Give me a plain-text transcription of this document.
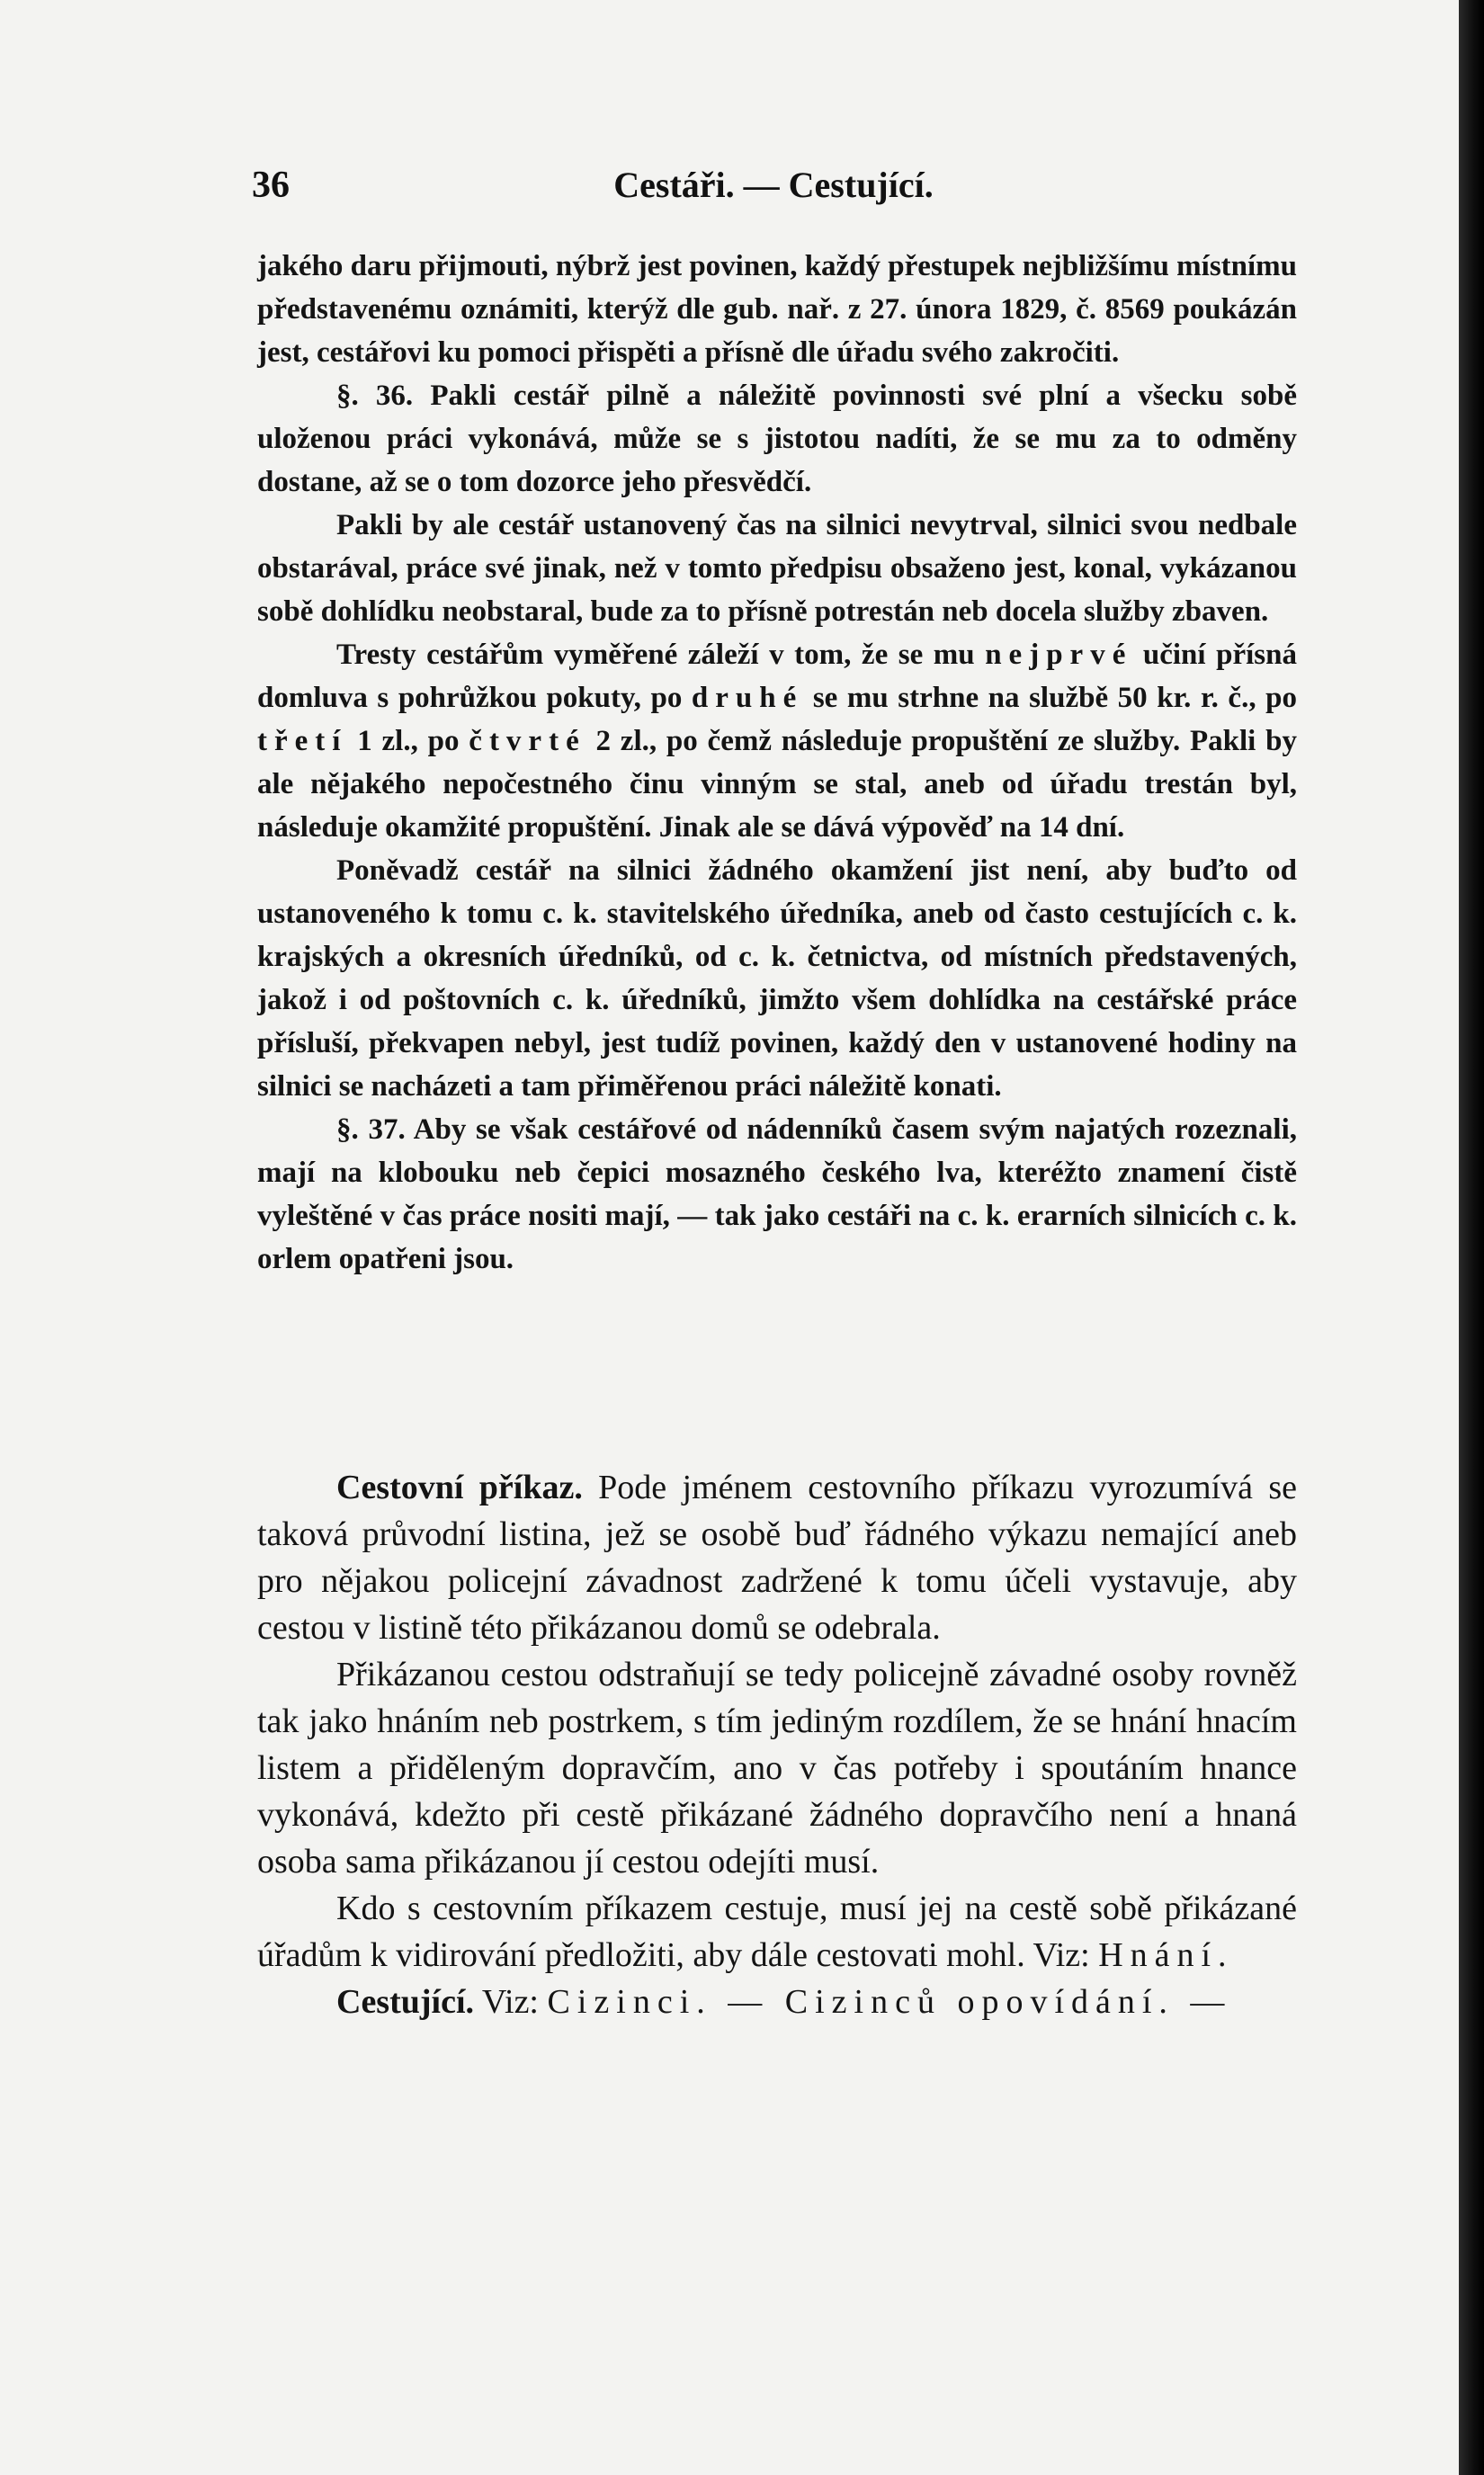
36	Cestáři. — Cestující.

jakého daru přijmouti, nýbrž jest povinen, každý přestupek nejbližšímu místnímu představenému oznámiti, kterýž dle gub. nař. z 27. února 1829, č. 8569 poukázán jest, cestářovi ku pomoci přispěti a přísně dle úřadu svého zakročiti.

§. 36. Pakli cestář pilně a náležitě povinnosti své plní a všecku sobě uloženou práci vykonává, může se s jistotou nadíti, že se mu za to odměny dostane, až se o tom dozorce jeho přesvědčí.

Pakli by ale cestář ustanovený čas na silnici nevytrval, silnici svou nedbale obstarával, práce své jinak, než v tomto předpisu obsaženo jest, konal, vykázanou sobě dohlídku neobstaral, bude za to přísně potrestán neb docela služby zbaven.

Tresty cestářům vyměřené záleží v tom, že se mu nejprvé učiní přísná domluva s pohrůžkou pokuty, po druhé se mu strhne na službě 50 kr. r. č., po třetí 1 zl., po čtvrté 2 zl., po čemž následuje propuštění ze služby. Pakli by ale nějakého nepočestného činu vinným se stal, aneb od úřadu trestán byl, následuje okamžité propuštění. Jinak ale se dává výpověď na 14 dní.

Poněvadž cestář na silnici žádného okamžení jist není, aby buďto od ustanoveného k tomu c. k. stavitelského úředníka, aneb od často cestujících c. k. krajských a okresních úředníků, od c. k. četnictva, od místních představených, jakož i od poštovních c. k. úředníků, jimžto všem dohlídka na cestářské práce přísluší, překvapen nebyl, jest tudíž povinen, každý den v ustanovené hodiny na silnici se nacházeti a tam přiměřenou práci náležitě konati.

§. 37. Aby se však cestářové od nádenníků časem svým najatých rozeznali, mají na klobouku neb čepici mosazného českého lva, kteréžto znamení čistě vyleštěné v čas práce nositi mají, — tak jako cestáři na c. k. erarních silnicích c. k. orlem opatřeni jsou.

Cestovní příkaz. Pode jménem cestovního příkazu vyrozumívá se taková průvodní listina, jež se osobě buď řádného výkazu nemající aneb pro nějakou policejní závadnost zadržené k tomu účeli vystavuje, aby cestou v listině této přikázanou domů se odebrala.

Přikázanou cestou odstraňují se tedy policejně závadné osoby rovněž tak jako hnáním neb postrkem, s tím jediným rozdílem, že se hnání hnacím listem a přiděleným dopravčím, ano v čas potřeby i spoutáním hnance vykonává, kdežto při cestě přikázané žádného dopravčího není a hnaná osoba sama přikázanou jí cestou odejíti musí.

Kdo s cestovním příkazem cestuje, musí jej na cestě sobě přikázané úřadům k vidirování předložiti, aby dále cestovati mohl. Viz: Hnání.

Cestující. Viz: Cizinci. — Cizinců opovídání. —
